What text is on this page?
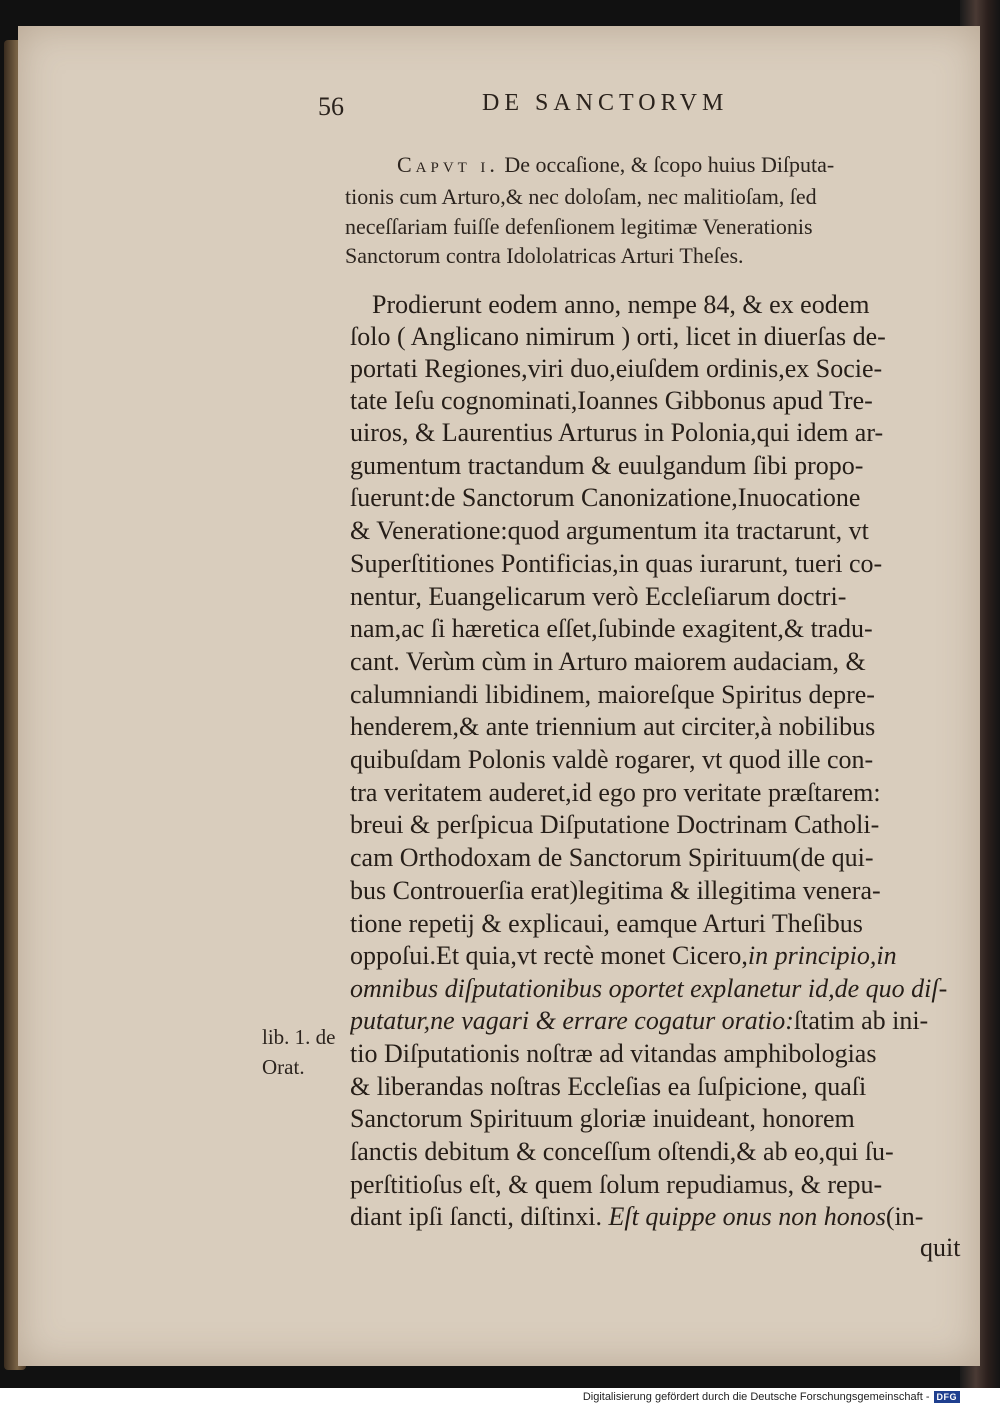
56	DE SANCTORVM
Capvt i. De occaſione, & ſcopo huius Diſputa-
tionis cum Arturo,& nec doloſam, nec malitioſam, ſed
neceſſariam fuiſſe defenſionem legitimæ Venerationis
Sanctorum contra Idololatricas Arturi Theſes.
Prodierunt eodem anno, nempe 84, & ex eodem
ſolo ( Anglicano nimirum ) orti, licet in diuerſas de-
portati Regiones,viri duo,eiuſdem ordinis,ex Socie-
tate Ieſu cognominati,Ioannes Gibbonus apud Tre-
uiros, & Laurentius Arturus in Polonia,qui idem ar-
gumentum tractandum & euulgandum ſibi propo-
ſuerunt:de Sanctorum Canonizatione,Inuocatione
& Veneratione:quod argumentum ita tractarunt, vt
Superſtitiones Pontificias,in quas iurarunt, tueri co-
nentur, Euangelicarum verò Eccleſiarum doctri-
nam,ac ſi hæretica eſſet,ſubinde exagitent,& tradu-
cant. Verùm cùm in Arturo maiorem audaciam, &
calumniandi libidinem, maioreſque Spiritus depre-
henderem,& ante triennium aut circiter,à nobilibus
quibuſdam Polonis valdè rogarer, vt quod ille con-
tra veritatem auderet,id ego pro veritate præſtarem:
breui & perſpicua Diſputatione Doctrinam Catholi-
cam Orthodoxam de Sanctorum Spirituum(de qui-
bus Controuerſia erat)legitima & illegitima venera-
tione repetij & explicaui, eamque Arturi Theſibus
oppoſui.Et quia,vt rectè monet Cicero,in principio,in
omnibus diſputationibus oportet explanetur id,de quo diſ-
putatur,ne vagari & errare cogatur oratio:ſtatim ab ini-
tio Diſputationis noſtræ ad vitandas amphibologias
& liberandas noſtras Eccleſias ea ſuſpicione, quaſi
Sanctorum Spirituum gloriæ inuideant, honorem
ſanctis debitum & conceſſum oſtendi,& ab eo,qui ſu-
perſtitioſus eſt, & quem ſolum repudiamus, & repu-
diant ipſi ſancti, diſtinxi. Eſt quippe onus non honos(in-
quit
lib. 1. de
Orat.
Digitalisierung gefördert durch die Deutsche Forschungsgemeinschaft - DFG
